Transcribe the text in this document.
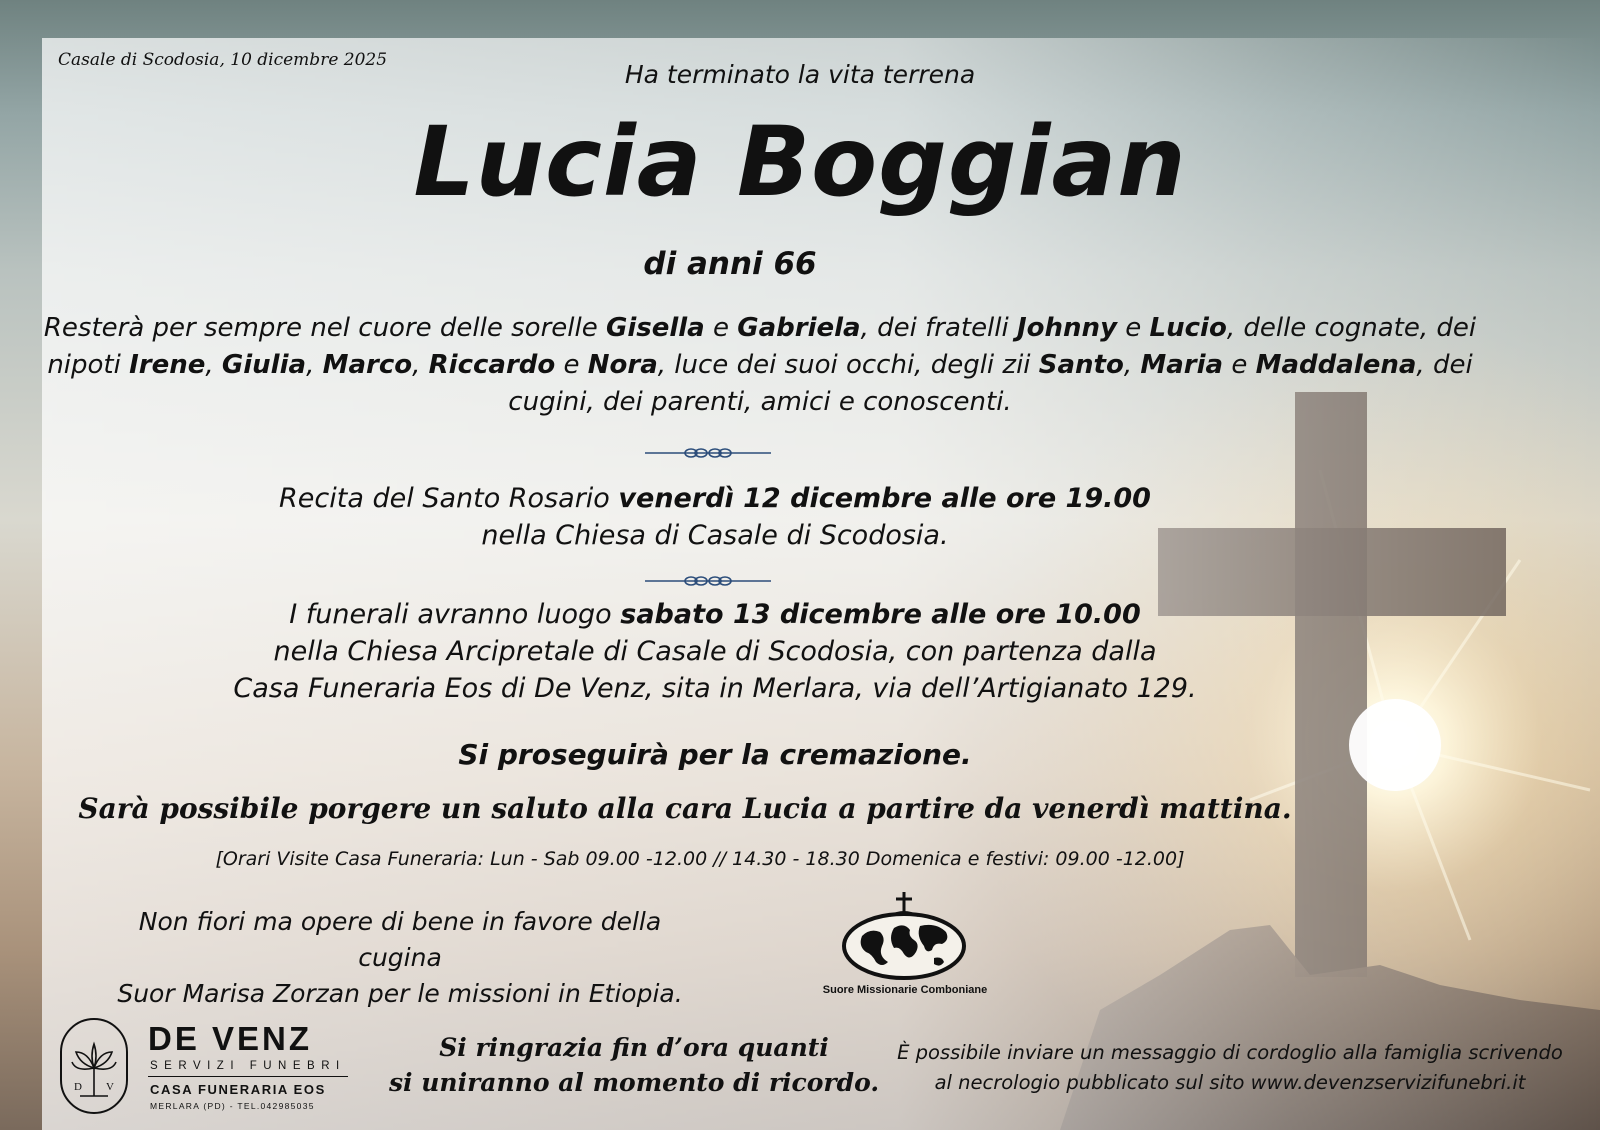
Casale di Scodosia, 10 dicembre 2025	Ha terminato la vita terrena
Lucia Boggian
di anni 66
Resterà per sempre nel cuore delle sorelle Gisella e Gabriela, dei fratelli Johnny e Lucio, delle cognate, dei nipoti Irene, Giulia, Marco, Riccardo e Nora, luce dei suoi occhi, degli zii Santo, Maria e Maddalena, dei cugini, dei parenti, amici e conoscenti.
Recita del Santo Rosario venerdì 12 dicembre alle ore 19.00
nella Chiesa di Casale di Scodosia.
I funerali avranno luogo sabato 13 dicembre alle ore 10.00
nella Chiesa Arcipretale di Casale di Scodosia, con partenza dalla
Casa Funeraria Eos di De Venz, sita in Merlara, via dell’Artigianato 129.
Si proseguirà per la cremazione.
Sarà possibile porgere un saluto alla cara Lucia a partire da venerdì mattina.
[Orari Visite Casa Funeraria: Lun - Sab 09.00 -12.00 // 14.30 - 18.30 Domenica e festivi: 09.00 -12.00]
Non fiori ma opere di bene in favore della cugina
Suor Marisa Zorzan per le missioni in Etiopia.	Suore Missionarie Comboniane
D V
DE VENZ
SERVIZI FUNEBRI
CASA FUNERARIA EOS
MERLARA (PD) - TEL.042985035
Si ringrazia fin d’ora quanti
si uniranno al momento di ricordo.
È possibile inviare un messaggio di cordoglio alla famiglia scrivendo
al necrologio pubblicato sul sito www.devenzservizifunebri.it
